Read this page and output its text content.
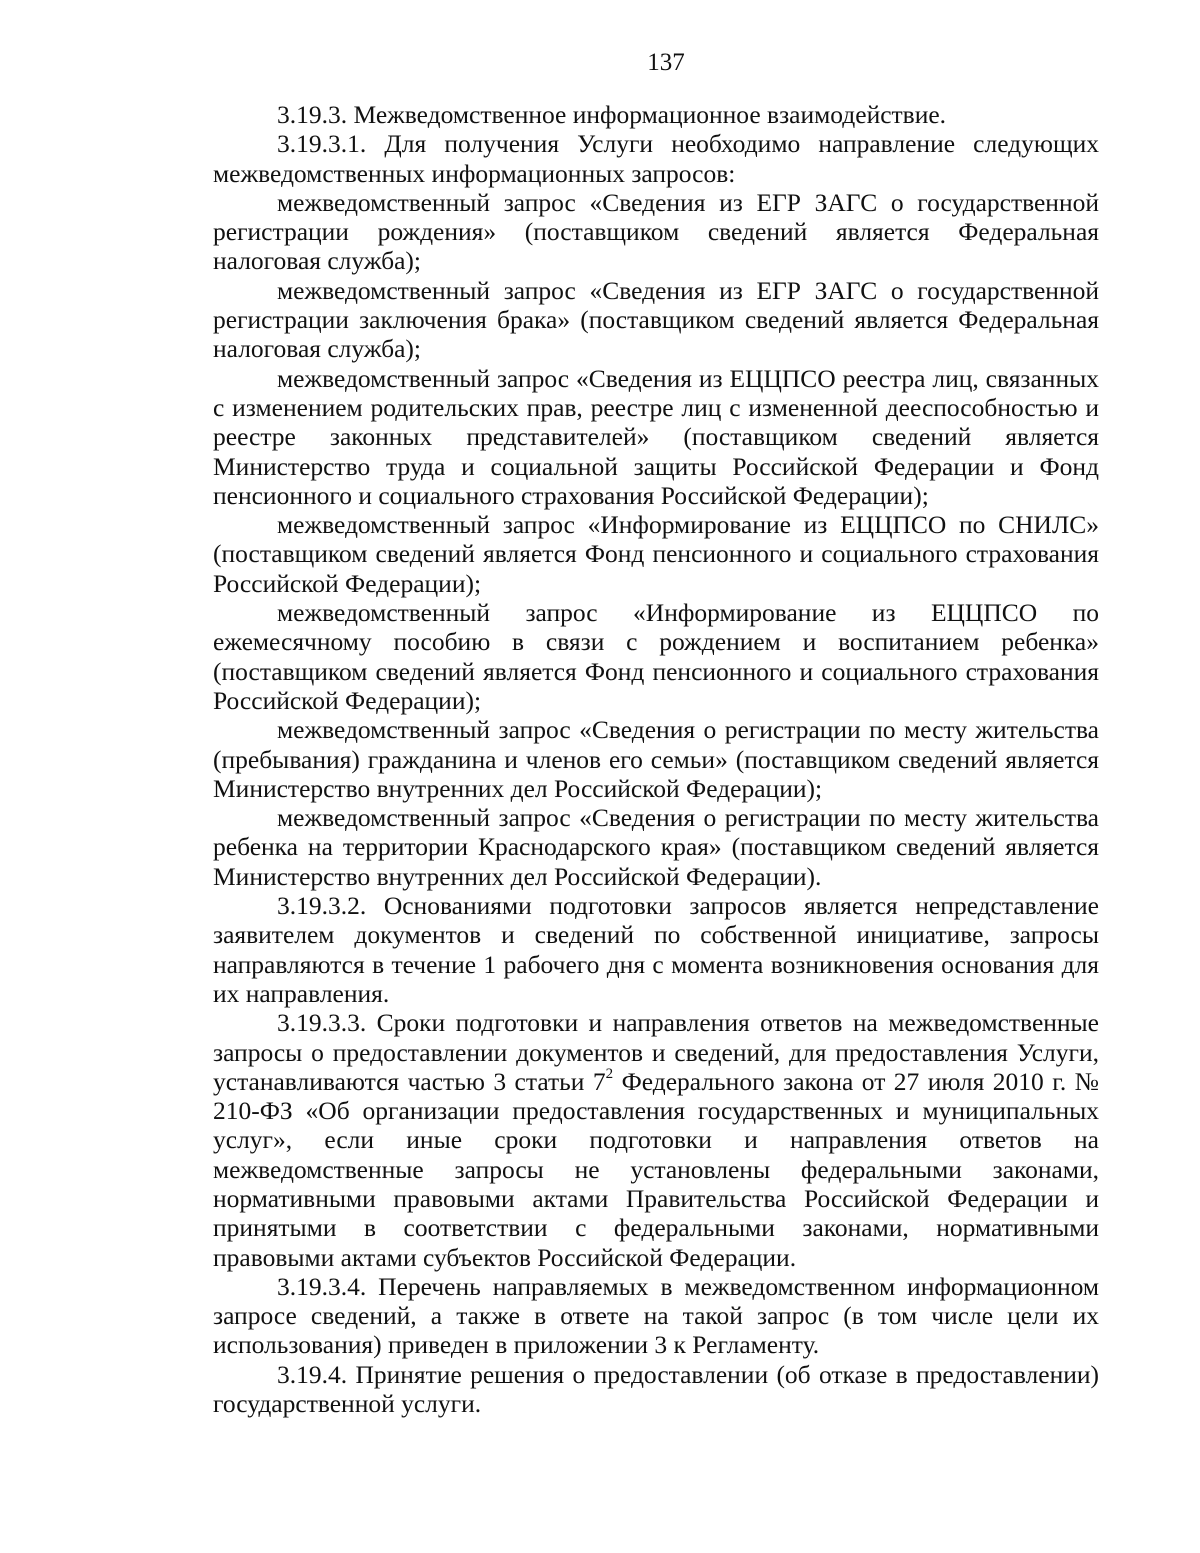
137

3.19.3. Межведомственное информационное взаимодействие.

3.19.3.1. Для получения Услуги необходимо направление следующих межведомственных информационных запросов:

межведомственный запрос «Сведения из ЕГР ЗАГС о государственной регистрации рождения» (поставщиком сведений является Федеральная налоговая служба);

межведомственный запрос «Сведения из ЕГР ЗАГС о государственной регистрации заключения брака» (поставщиком сведений является Федеральная налоговая служба);

межведомственный запрос «Сведения из ЕЦЦПСО реестра лиц, связанных с изменением родительских прав, реестре лиц с измененной дееспособностью и реестре законных представителей» (поставщиком сведений является Министерство труда и социальной защиты Российской Федерации и Фонд пенсионного и социального страхования Российской Федерации);

межведомственный запрос «Информирование из ЕЦЦПСО по СНИЛС» (поставщиком сведений является Фонд пенсионного и социального страхования Российской Федерации);

межведомственный запрос «Информирование из ЕЦЦПСО по ежемесячному пособию в связи с рождением и воспитанием ребенка» (поставщиком сведений является Фонд пенсионного и социального страхования Российской Федерации);

межведомственный запрос «Сведения о регистрации по месту жительства (пребывания) гражданина и членов его семьи» (поставщиком сведений является Министерство внутренних дел Российской Федерации);

межведомственный запрос «Сведения о регистрации по месту жительства ребенка на территории Краснодарского края» (поставщиком сведений является Министерство внутренних дел Российской Федерации).

3.19.3.2. Основаниями подготовки запросов является непредставление заявителем документов и сведений по собственной инициативе, запросы направляются в течение 1 рабочего дня с момента возникновения основания для их направления.

3.19.3.3. Сроки подготовки и направления ответов на межведомственные запросы о предоставлении документов и сведений, для предоставления Услуги, устанавливаются частью 3 статьи $7^2$ Федерального закона от 27 июля 2010 г. № 210-ФЗ «Об организации предоставления государственных и муниципальных услуг», если иные сроки подготовки и направления ответов на межведомственные запросы не установлены федеральными законами, нормативными правовыми актами Правительства Российской Федерации и принятыми в соответствии с федеральными законами, нормативными правовыми актами субъектов Российской Федерации.

3.19.3.4. Перечень направляемых в межведомственном информационном запросе сведений, а также в ответе на такой запрос (в том числе цели их использования) приведен в приложении 3 к Регламенту.

3.19.4. Принятие решения о предоставлении (об отказе в предоставлении) государственной услуги.
